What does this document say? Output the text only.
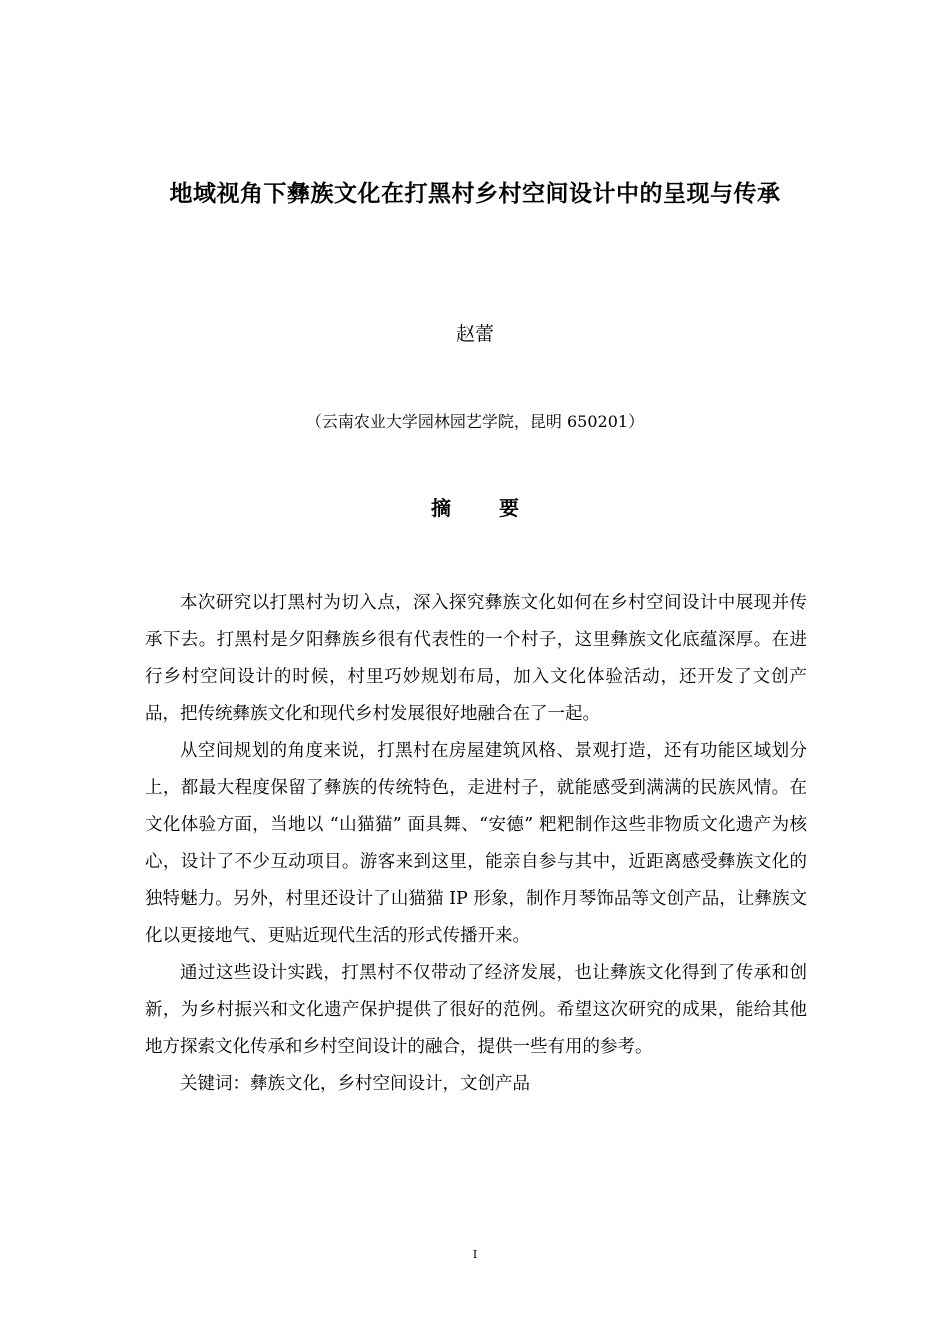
地域视角下彝族文化在打黑村乡村空间设计中的呈现与传承
赵蕾
（云南农业大学园林园艺学院，昆明 650201）
摘 要

本次研究以打黑村为切入点，深入探究彝族文化如何在乡村空间设计中展现并传承下去。打黑村是夕阳彝族乡很有代表性的一个村子，这里彝族文化底蕴深厚。在进行乡村空间设计的时候，村里巧妙规划布局，加入文化体验活动，还开发了文创产品，把传统彝族文化和现代乡村发展很好地融合在了一起。

从空间规划的角度来说，打黑村在房屋建筑风格、景观打造，还有功能区域划分上，都最大程度保留了彝族的传统特色，走进村子，就能感受到满满的民族风情。在文化体验方面，当地以 “山猫猫” 面具舞、“安德” 粑粑制作这些非物质文化遗产为核心，设计了不少互动项目。游客来到这里，能亲自参与其中，近距离感受彝族文化的独特魅力。另外，村里还设计了山猫猫 IP 形象，制作月琴饰品等文创产品，让彝族文化以更接地气、更贴近现代生活的形式传播开来。

通过这些设计实践，打黑村不仅带动了经济发展，也让彝族文化得到了传承和创新，为乡村振兴和文化遗产保护提供了很好的范例。希望这次研究的成果，能给其他地方探索文化传承和乡村空间设计的融合，提供一些有用的参考。

关键词：彝族文化，乡村空间设计，文创产品

I
